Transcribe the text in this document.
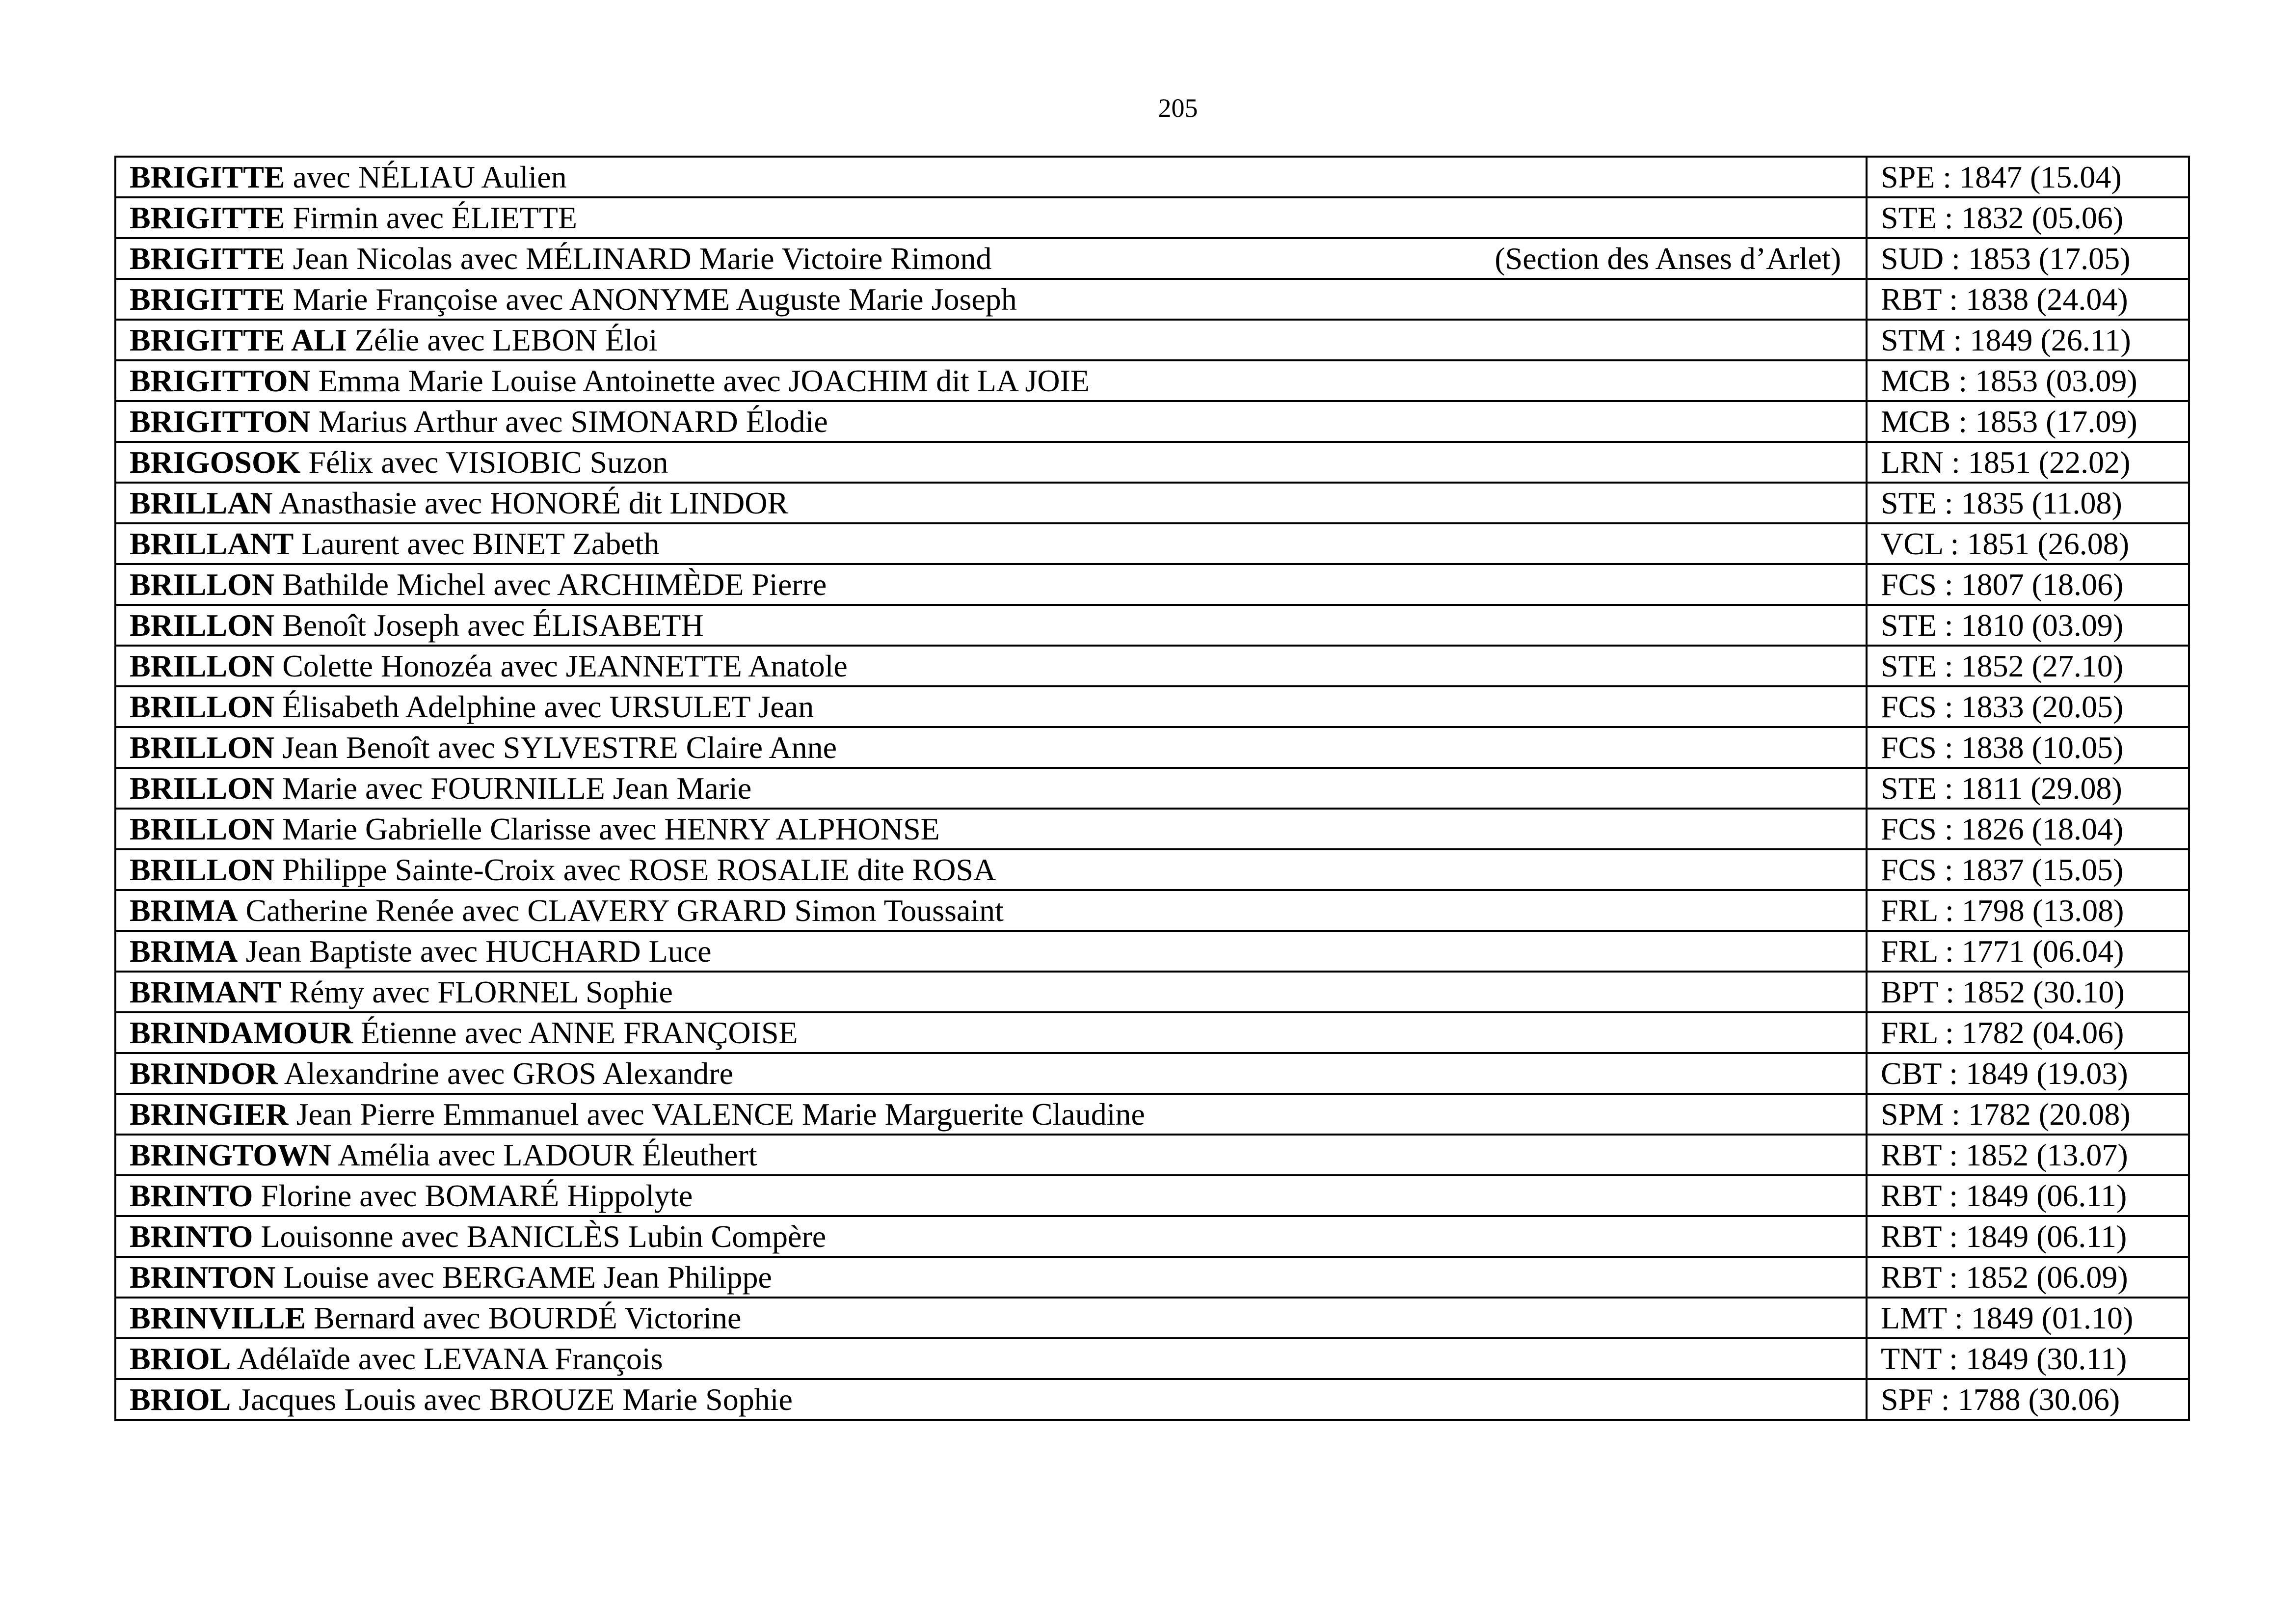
205
BRIGITTE avec NÉLIAU Aulien	SPE : 1847 (15.04)
BRIGITTE Firmin avec ÉLIETTE	STE : 1832 (05.06)
BRIGITTE Jean Nicolas avec MÉLINARD Marie Victoire Rimond (Section des Anses d’Arlet)	SUD : 1853 (17.05)
BRIGITTE Marie Françoise avec ANONYME Auguste Marie Joseph	RBT : 1838 (24.04)
BRIGITTE ALI Zélie avec LEBON Éloi	STM : 1849 (26.11)
BRIGITTON Emma Marie Louise Antoinette avec JOACHIM dit LA JOIE	MCB : 1853 (03.09)
BRIGITTON Marius Arthur avec SIMONARD Élodie	MCB : 1853 (17.09)
BRIGOSOK Félix avec VISIOBIC Suzon	LRN : 1851 (22.02)
BRILLAN Anasthasie avec HONORÉ dit LINDOR	STE : 1835 (11.08)
BRILLANT Laurent avec BINET Zabeth	VCL : 1851 (26.08)
BRILLON Bathilde Michel avec ARCHIMÈDE Pierre	FCS : 1807 (18.06)
BRILLON Benoît Joseph avec ÉLISABETH	STE : 1810 (03.09)
BRILLON Colette Honozéa avec JEANNETTE Anatole	STE : 1852 (27.10)
BRILLON Élisabeth Adelphine avec URSULET Jean	FCS : 1833 (20.05)
BRILLON Jean Benoît avec SYLVESTRE Claire Anne	FCS : 1838 (10.05)
BRILLON Marie avec FOURNILLE Jean Marie	STE : 1811 (29.08)
BRILLON Marie Gabrielle Clarisse avec HENRY ALPHONSE	FCS : 1826 (18.04)
BRILLON Philippe Sainte-Croix avec ROSE ROSALIE dite ROSA	FCS : 1837 (15.05)
BRIMA Catherine Renée avec CLAVERY GRARD Simon Toussaint	FRL : 1798 (13.08)
BRIMA Jean Baptiste avec HUCHARD Luce	FRL : 1771 (06.04)
BRIMANT Rémy avec FLORNEL Sophie	BPT : 1852 (30.10)
BRINDAMOUR Étienne avec ANNE FRANÇOISE	FRL : 1782 (04.06)
BRINDOR Alexandrine avec GROS Alexandre	CBT : 1849 (19.03)
BRINGIER Jean Pierre Emmanuel avec VALENCE Marie Marguerite Claudine	SPM : 1782 (20.08)
BRINGTOWN Amélia avec LADOUR Éleuthert	RBT : 1852 (13.07)
BRINTO Florine avec BOMARÉ Hippolyte	RBT : 1849 (06.11)
BRINTO Louisonne avec BANICLÈS Lubin Compère	RBT : 1849 (06.11)
BRINTON Louise avec BERGAME Jean Philippe	RBT : 1852 (06.09)
BRINVILLE Bernard avec BOURDÉ Victorine	LMT : 1849 (01.10)
BRIOL Adélaïde avec LEVANA François	TNT : 1849 (30.11)
BRIOL Jacques Louis avec BROUZE Marie Sophie	SPF : 1788 (30.06)
